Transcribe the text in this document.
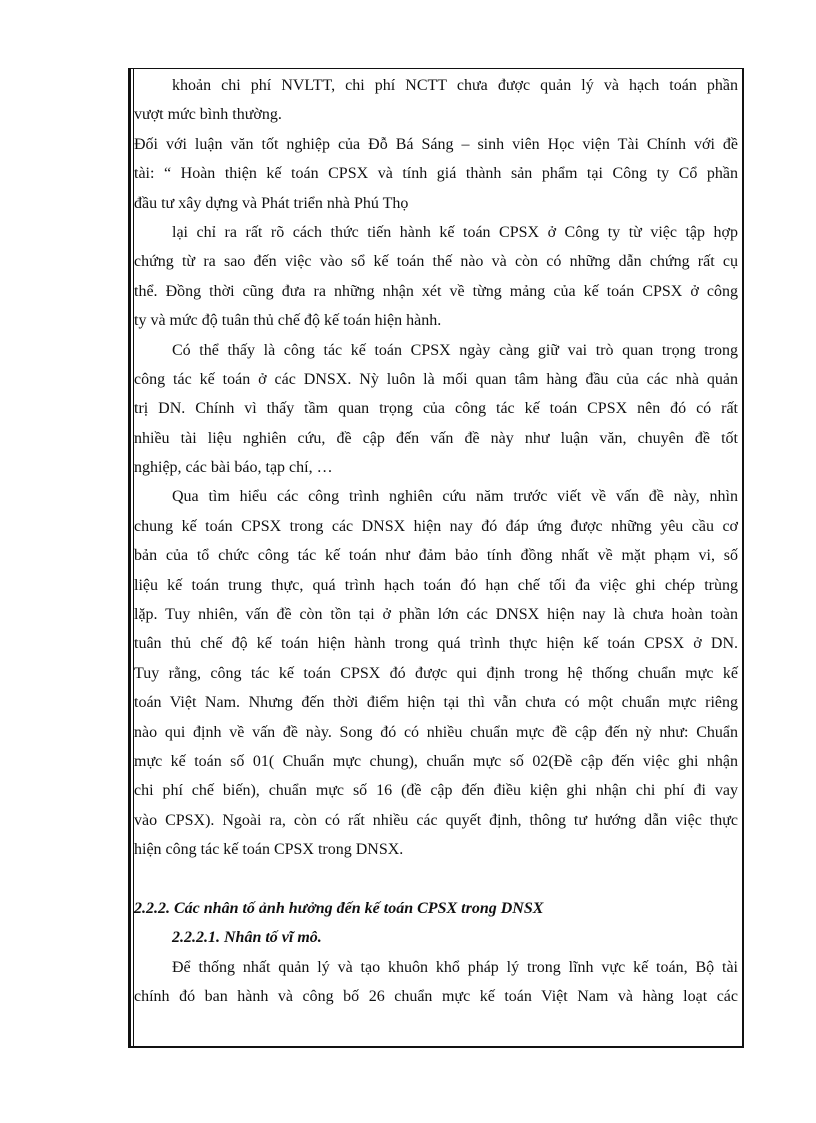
khoản chi phí NVLTT, chi phí NCTT chưa được quản lý và hạch toán phần
vượt mức bình thường.
Đối với luận văn tốt nghiệp của Đỗ Bá Sáng – sinh viên Học viện Tài Chính với đề
tài: “ Hoàn thiện kế toán CPSX và tính giá thành sản phẩm tại Công ty Cổ phần
đầu tư xây dựng và Phát triển nhà Phú Thọ
lại chỉ ra rất rõ cách thức tiến hành kế toán CPSX ở Công ty từ việc tập hợp
chứng từ ra sao đến việc vào sổ kế toán thế nào và còn có những dẫn chứng rất cụ
thể. Đồng thời cũng đưa ra những nhận xét về từng mảng của kế toán CPSX ở công
ty và mức độ tuân thủ chế độ kế toán hiện hành.
Có thể thấy là công tác kế toán CPSX ngày càng giữ vai trò quan trọng trong
công tác kế toán ở các DNSX. Nỳ luôn là mối quan tâm hàng đầu của các nhà quản
trị DN. Chính vì thấy tầm quan trọng của công tác kế toán CPSX nên đó có rất
nhiều tài liệu nghiên cứu, đề cập đến vấn đề này như luận văn, chuyên đề tốt
nghiệp, các bài báo, tạp chí, …
Qua tìm hiểu các công trình nghiên cứu năm trước viết về vấn đề này, nhìn
chung kế toán CPSX trong các DNSX hiện nay đó đáp ứng được những yêu cầu cơ
bản của tổ chức công tác kế toán như đảm bảo tính đồng nhất về mặt phạm vi, số
liệu kế toán trung thực, quá trình hạch toán đó hạn chế tối đa việc ghi chép trùng
lặp. Tuy nhiên, vấn đề còn tồn tại ở phần lớn các DNSX hiện nay là chưa hoàn toàn
tuân thủ chế độ kế toán hiện hành trong quá trình thực hiện kế toán CPSX ở DN.
Tuy rằng, công tác kế toán CPSX đó được qui định trong hệ thống chuẩn mực kế
toán Việt Nam. Nhưng đến thời điểm hiện tại thì vẫn chưa có một chuẩn mực riêng
nào qui định về vấn đề này. Song đó có nhiều chuẩn mực đề cập đến nỳ như: Chuẩn
mực kế toán số 01( Chuẩn mực chung), chuẩn mực số 02(Đề cập đến việc ghi nhận
chi phí chế biến), chuẩn mực số 16 (đề cập đến điều kiện ghi nhận chi phí đi vay
vào CPSX). Ngoài ra, còn có rất nhiều các quyết định, thông tư hướng dẫn việc thực
hiện công tác kế toán CPSX trong DNSX.
2.2.2. Các nhân tố ảnh hưởng đến kế toán CPSX trong DNSX
2.2.2.1. Nhân tố vĩ mô.
Để thống nhất quản lý và tạo khuôn khổ pháp lý trong lĩnh vực kế toán, Bộ tài
chính đó ban hành và công bố 26 chuẩn mực kế toán Việt Nam và hàng loạt các
